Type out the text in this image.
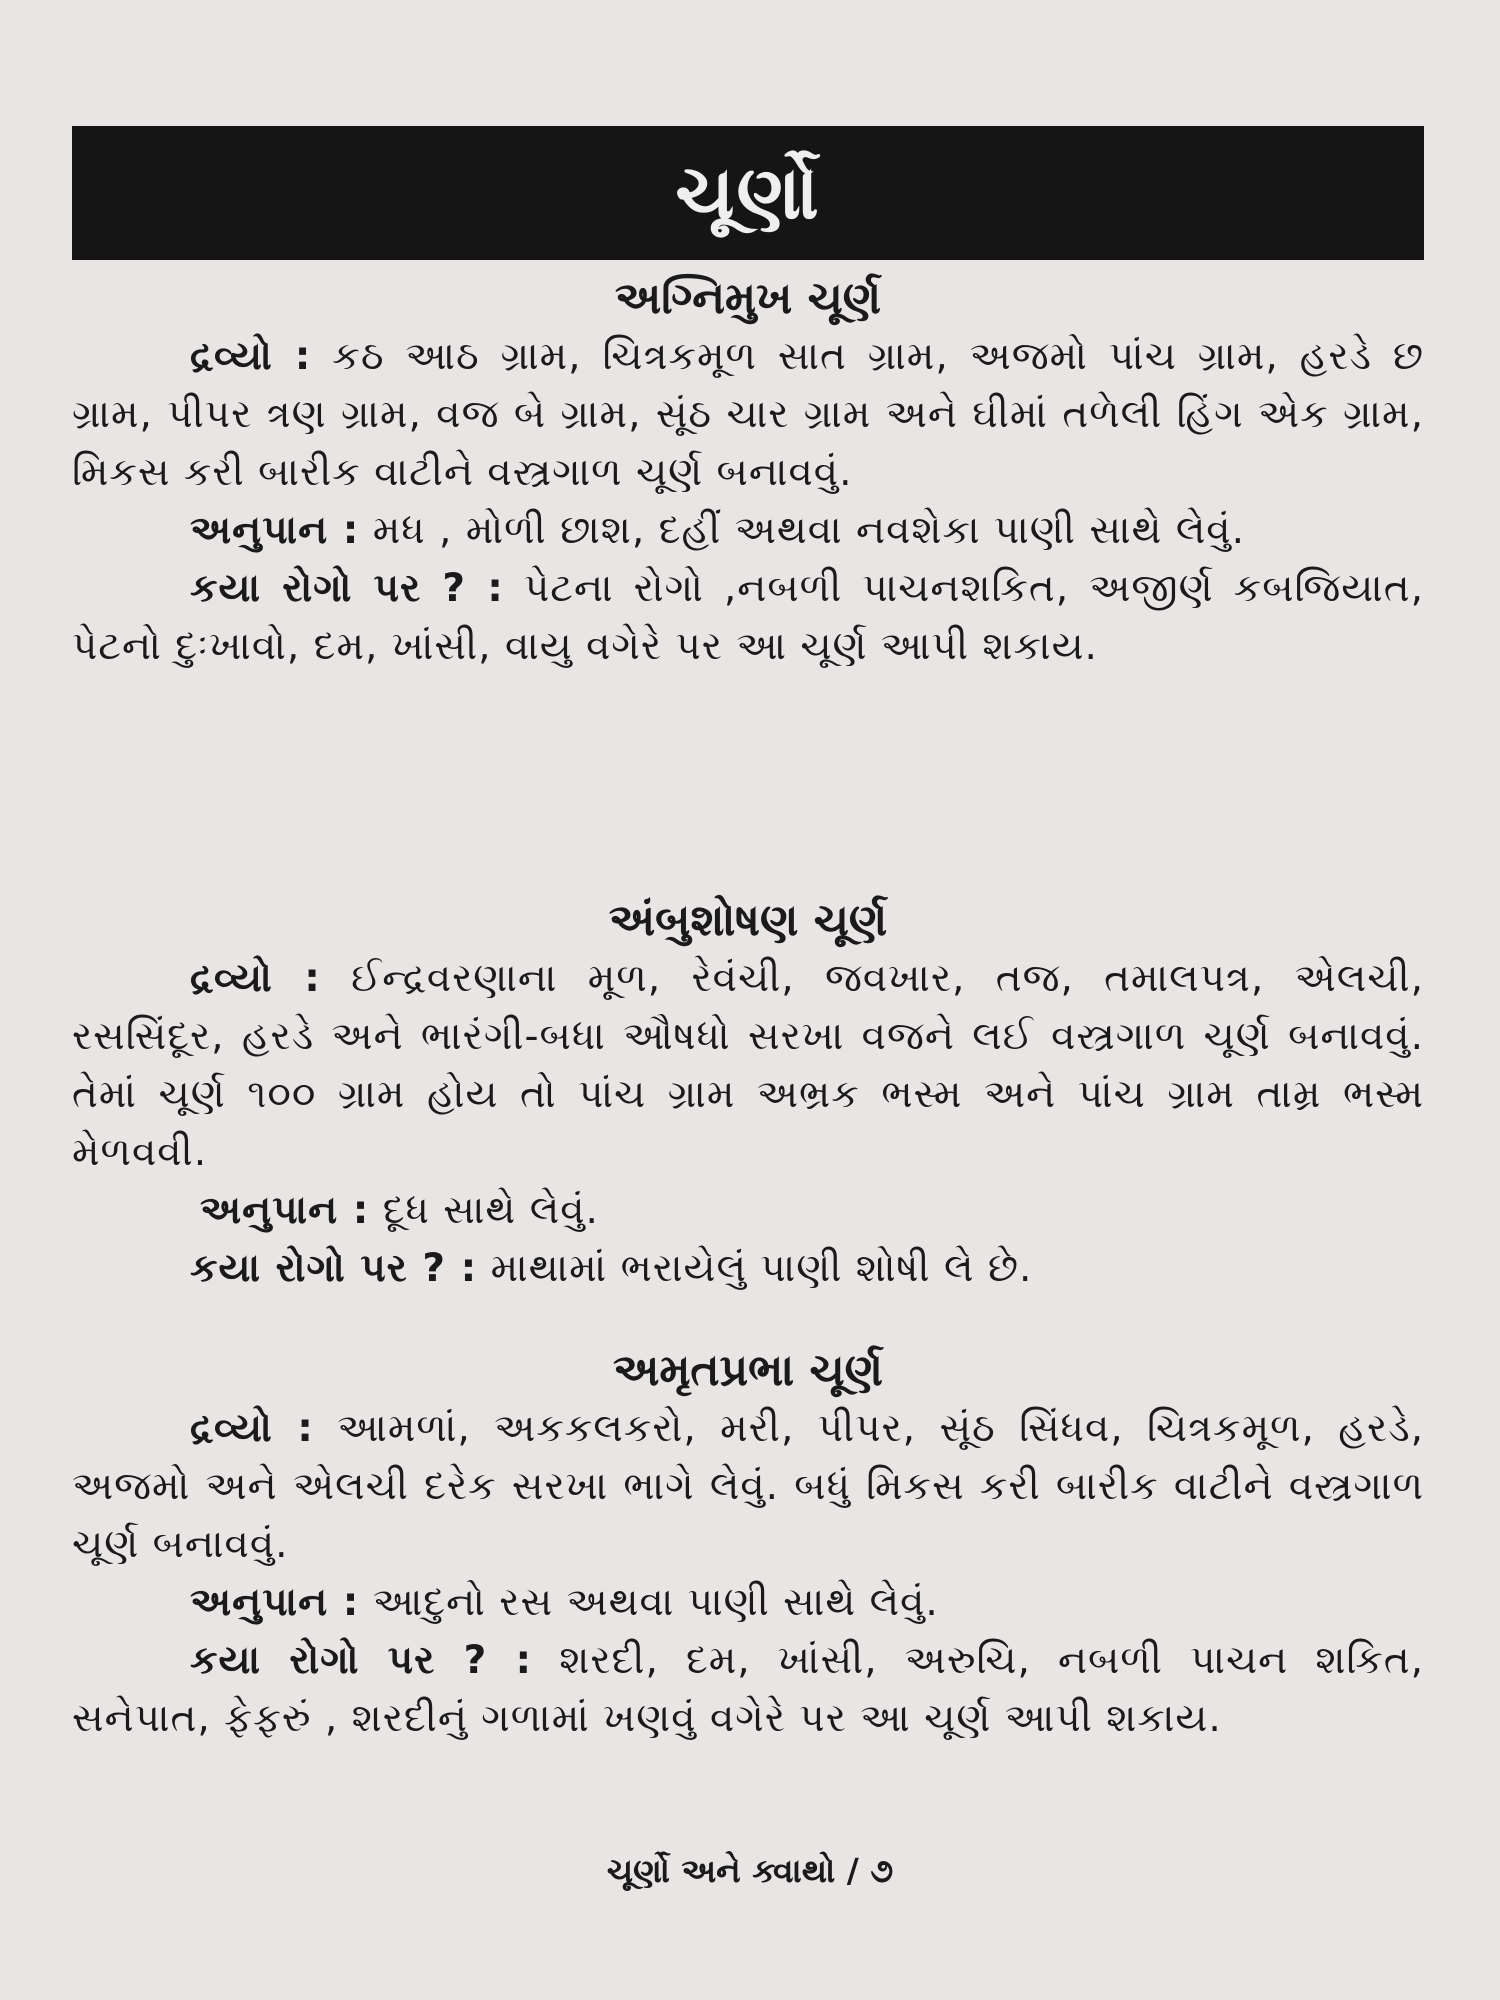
ચૂર્ણો
અગ્નિમુખ ચૂર્ણ

દ્રવ્યો : કઠ આઠ ગ્રામ, ચિત્રકમૂળ સાત ગ્રામ, અજમો પાંચ ગ્રામ, હરડે છ ગ્રામ, પીપર ત્રણ ગ્રામ, વજ બે ગ્રામ, સૂંઠ ચાર ગ્રામ અને ઘીમાં તળેલી હિંગ એક ગ્રામ, મિકસ કરી બારીક વાટીને વસ્ત્રગાળ ચૂર્ણ બનાવવું.

અનુપાન : મધ , મોળી છાશ, દહીં અથવા નવશેકા પાણી સાથે લેવું.

કયા રોગો પર ? : પેટના રોગો ,નબળી પાચનશકિત, અજીર્ણ કબજિયાત, પેટનો દુઃખાવો, દમ, ખાંસી, વાયુ વગેરે પર આ ચૂર્ણ આપી શકાય.

અંબુશોષણ ચૂર્ણ

દ્રવ્યો : ઈન્દ્રવરણાના મૂળ, રેવંચી, જવખાર, તજ, તમાલપત્ર, એલચી, રસસિંદૂર, હરડે અને ભારંગી-બધા ઔષધો સરખા વજને લઈ વસ્ત્રગાળ ચૂર્ણ બનાવવું. તેમાં ચૂર્ણ ૧૦૦ ગ્રામ હોય તો પાંચ ગ્રામ અભ્રક ભસ્મ અને પાંચ ગ્રામ તામ્ર ભસ્મ મેળવવી.

અનુપાન : દૂધ સાથે લેવું.

કયા રોગો પર ? : માથામાં ભરાયેલું પાણી શોષી લે છે.

અમૃતપ્રભા ચૂર્ણ

દ્રવ્યો : આમળાં, અકકલકરો, મરી, પીપર, સૂંઠ સિંધવ, ચિત્રકમૂળ, હરડે, અજમો અને એલચી દરેક સરખા ભાગે લેવું. બધું મિકસ કરી બારીક વાટીને વસ્ત્રગાળ ચૂર્ણ બનાવવું.

અનુપાન : આદુનો રસ અથવા પાણી સાથે લેવું.

કયા રોગો પર ? : શરદી, દમ, ખાંસી, અરુચિ, નબળી પાચન શકિત, સનેપાત, ફેફરું , શરદીનું ગળામાં ખણવું વગેરે પર આ ચૂર્ણ આપી શકાય.

ચૂર્ણો અને ક્વાથો / ૭
